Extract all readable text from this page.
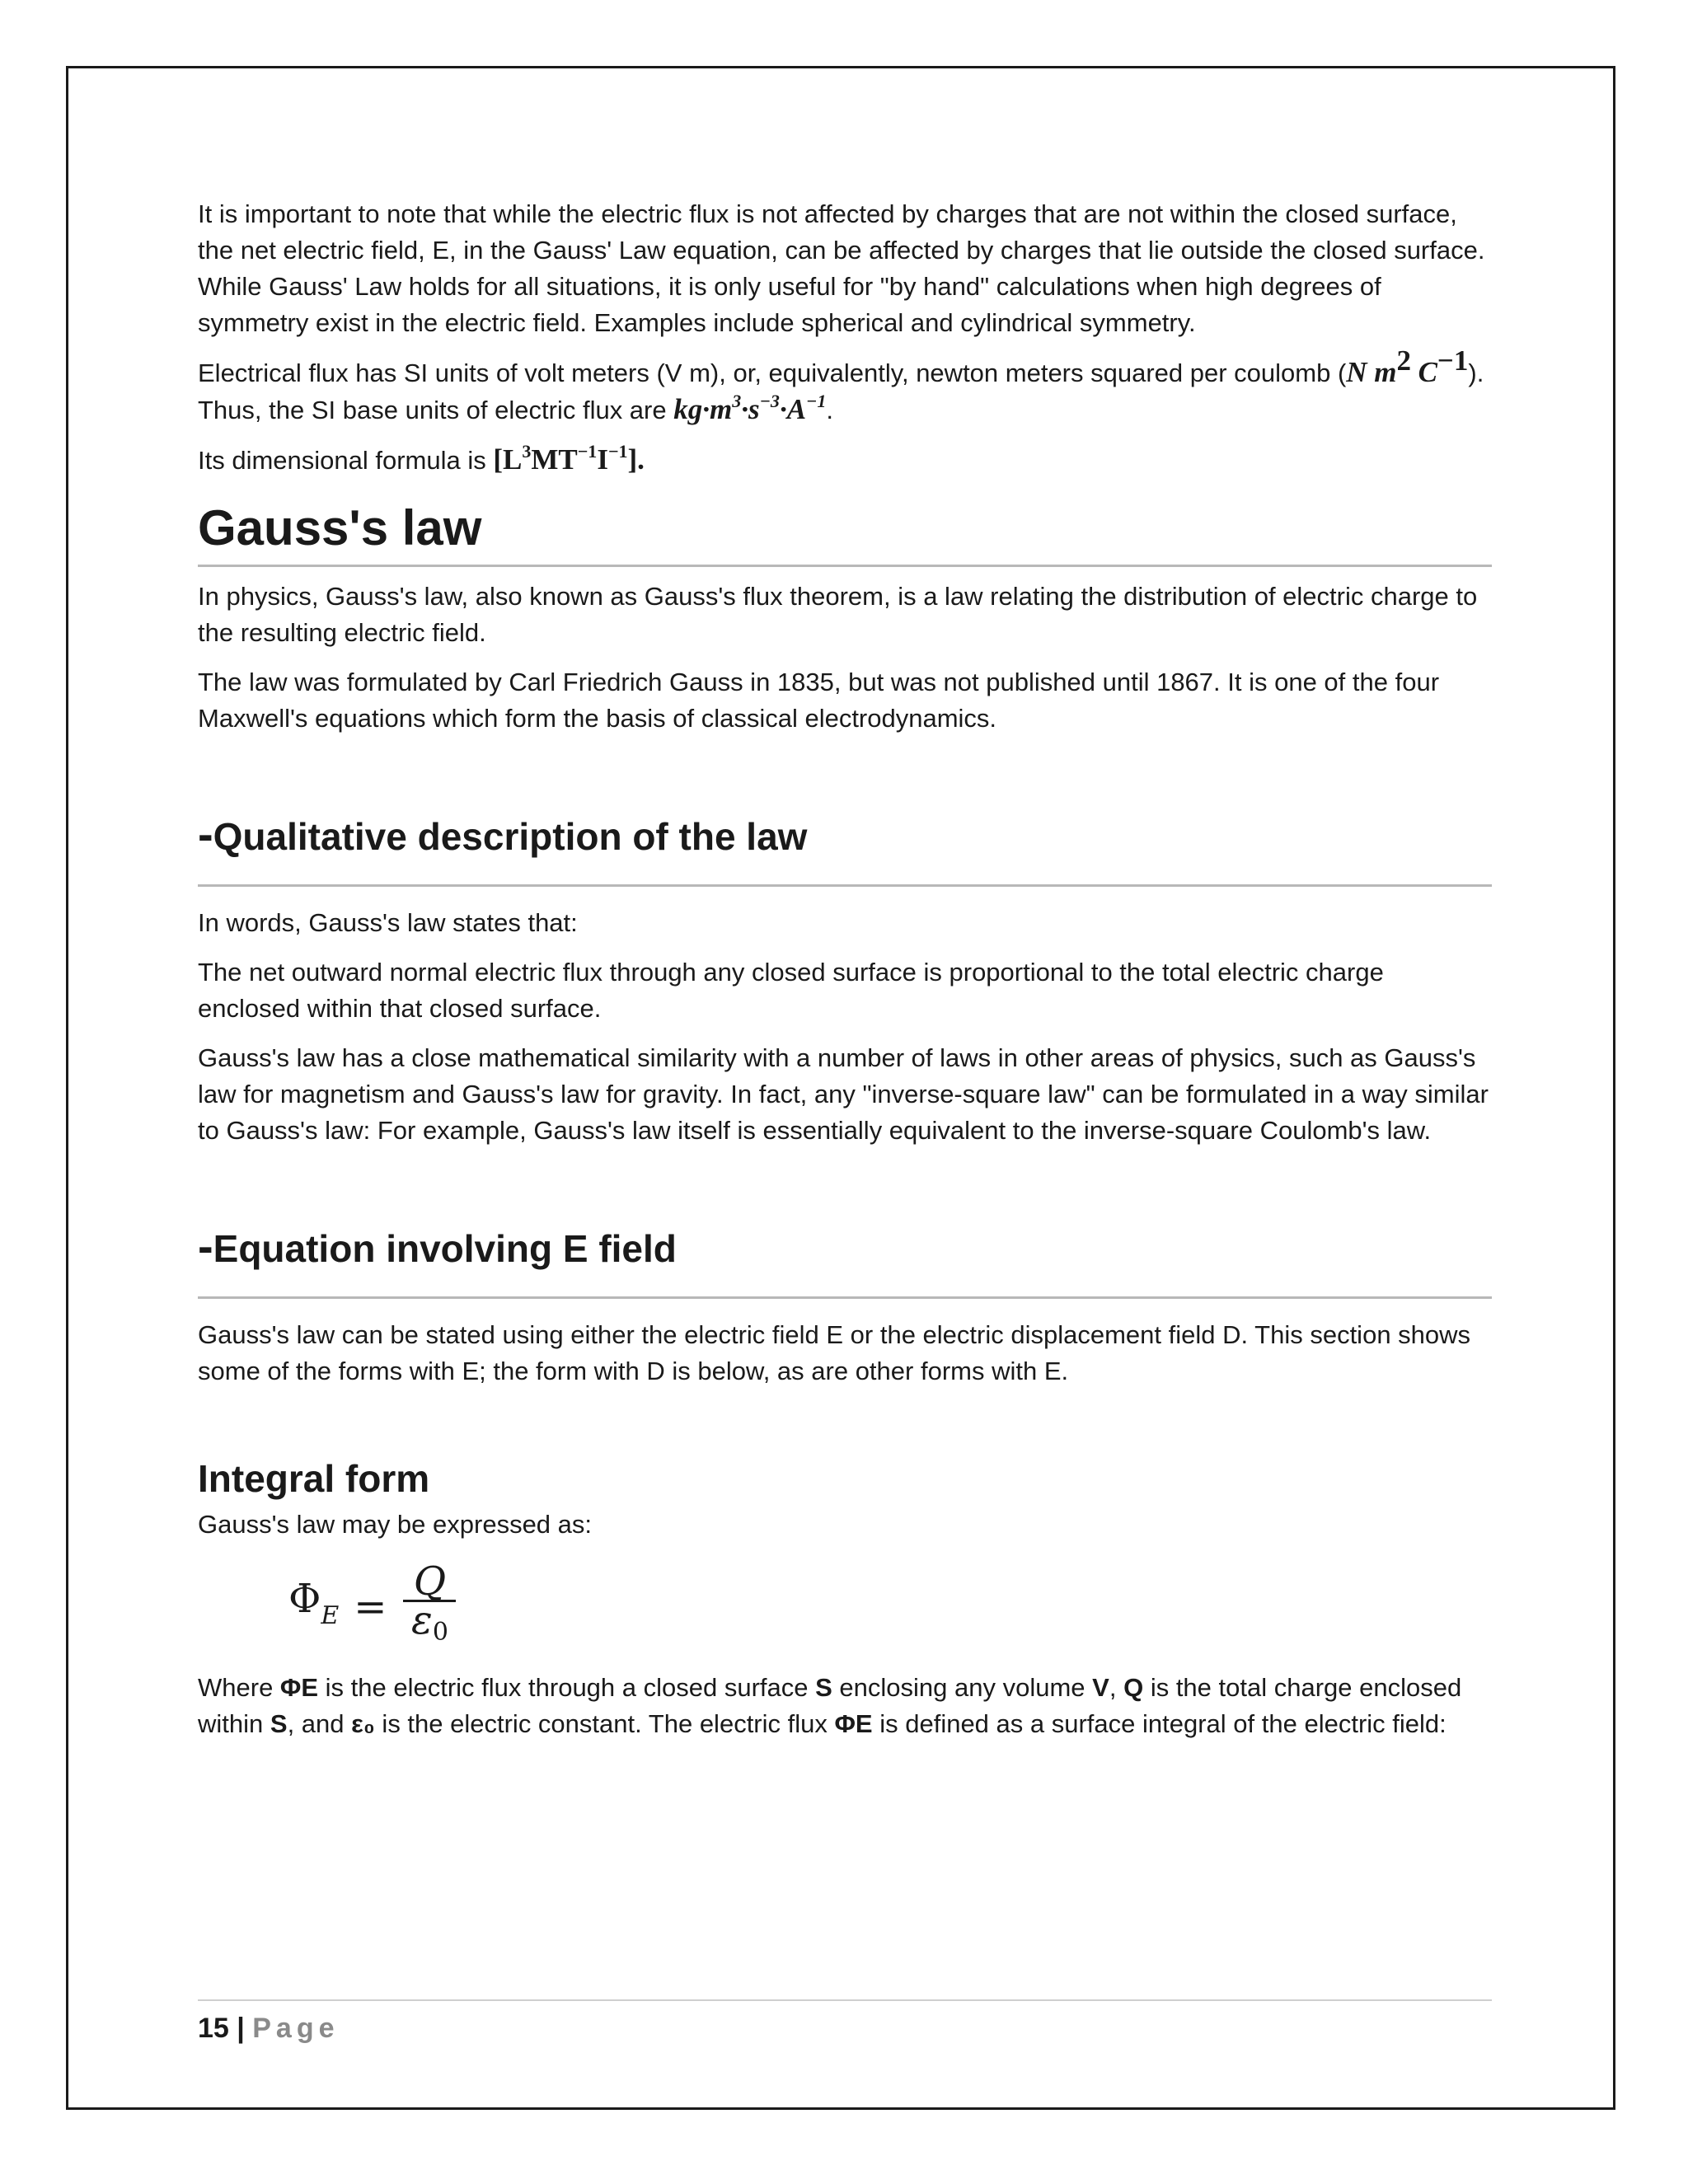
It is important to note that while the electric flux is not affected by charges that are not within the closed surface, the net electric field, E, in the Gauss' Law equation, can be affected by charges that lie outside the closed surface. While Gauss' Law holds for all situations, it is only useful for "by hand" calculations when high degrees of symmetry exist in the electric field. Examples include spherical and cylindrical symmetry.

Electrical flux has SI units of volt meters (V m), or, equivalently, newton meters squared per coulomb (N $m^2$ $C^{-1}$). Thus, the SI base units of electric flux are $kg\cdot m^3\cdot s^{-3}\cdot A^{-1}$.

Its dimensional formula is $[L^3MT^{-1}I^{-1}]$.

Gauss's law

In physics, Gauss's law, also known as Gauss's flux theorem, is a law relating the distribution of electric charge to the resulting electric field.

The law was formulated by Carl Friedrich Gauss in 1835, but was not published until 1867. It is one of the four Maxwell's equations which form the basis of classical electrodynamics.

-Qualitative description of the law

In words, Gauss's law states that:

The net outward normal electric flux through any closed surface is proportional to the total electric charge enclosed within that closed surface.

Gauss's law has a close mathematical similarity with a number of laws in other areas of physics, such as Gauss's law for magnetism and Gauss's law for gravity. In fact, any "inverse-square law" can be formulated in a way similar to Gauss's law: For example, Gauss's law itself is essentially equivalent to the inverse-square Coulomb's law.

-Equation involving E field

Gauss's law can be stated using either the electric field E or the electric displacement field D. This section shows some of the forms with E; the form with D is below, as are other forms with E.

Integral form

Gauss's law may be expressed as:

$\Phi_E = \frac{Q}{\varepsilon 0}$

Where ΦE is the electric flux through a closed surface S enclosing any volume V, Q is the total charge enclosed within S, and ε₀ is the electric constant. The electric flux ΦE is defined as a surface integral of the electric field:

15 | Page
